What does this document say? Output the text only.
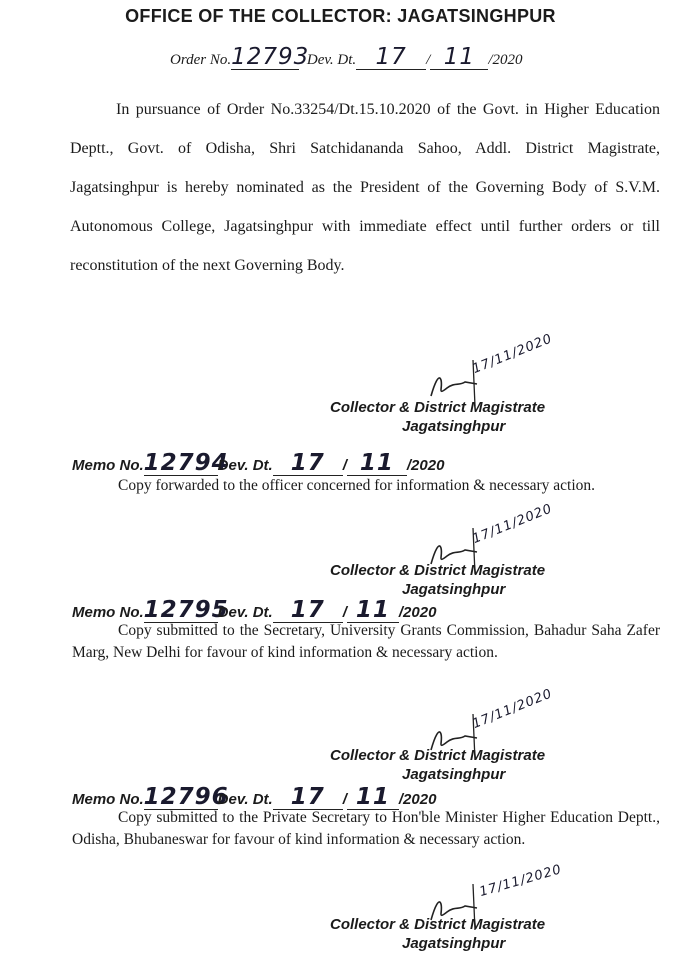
OFFICE OF THE COLLECTOR: JAGATSINGHPUR
Order No.12793 Dev. Dt. 17 / 11 /2020
In pursuance of Order No.33254/Dt.15.10.2020 of the Govt. in Higher Education Deptt., Govt. of Odisha, Shri Satchidananda Sahoo, Addl. District Magistrate, Jagatsinghpur is hereby nominated as the President of the Governing Body of S.V.M. Autonomous College, Jagatsinghpur with immediate effect until further orders or till reconstitution of the next Governing Body.
17/11/2020
Collector & District Magistrate
Jagatsinghpur
Memo No.12794Dev. Dt. 17 / 11 /2020
Copy forwarded to the officer concerned for information & necessary action.
17/11/2020
Collector & District Magistrate
Jagatsinghpur
Memo No.12795Dev. Dt. 17 / 11 /2020
Copy submitted to the Secretary, University Grants Commission, Bahadur Saha Zafer Marg, New Delhi for favour of kind information & necessary action.
17/11/2020
Collector & District Magistrate
Jagatsinghpur
Memo No.12796Dev. Dt. 17 / 11 /2020
Copy submitted to the Private Secretary to Hon'ble Minister Higher Education Deptt., Odisha, Bhubaneswar for favour of kind information & necessary action.
17/11/2020
Collector & District Magistrate
Jagatsinghpur
